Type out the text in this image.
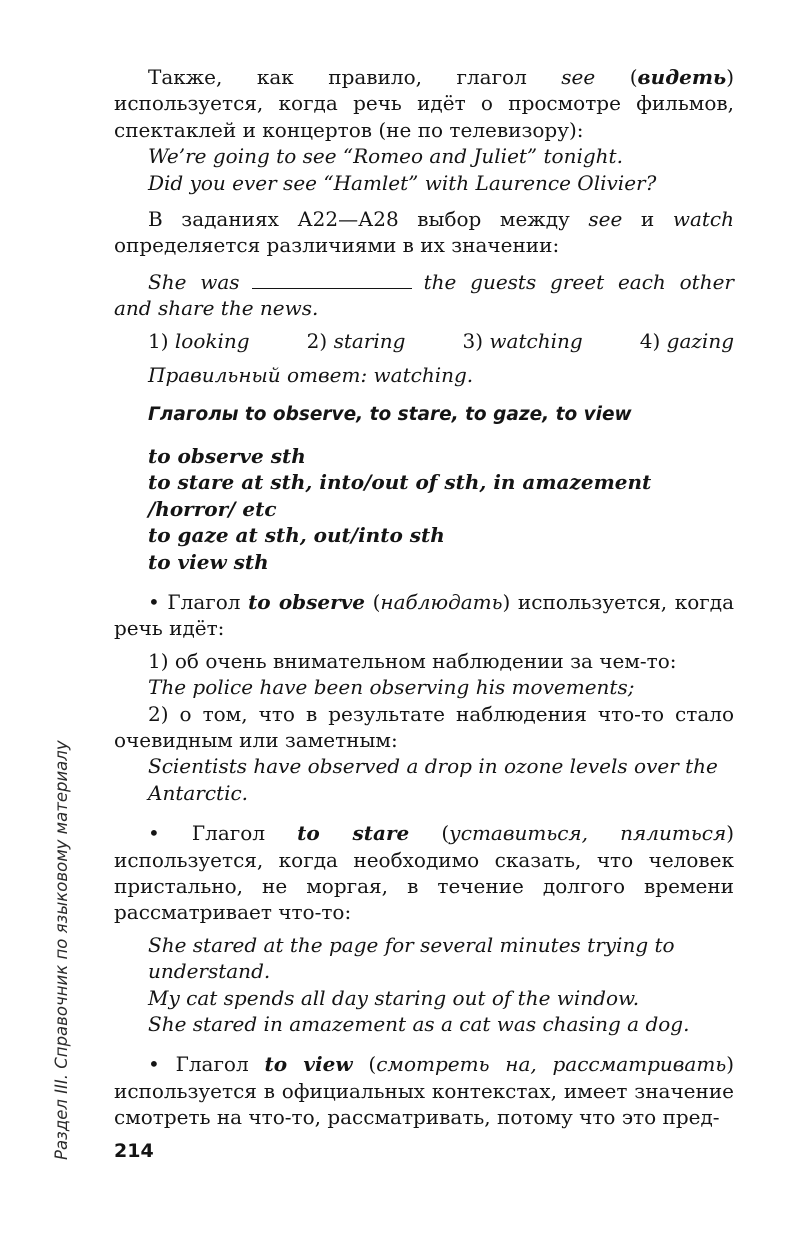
Раздел III. Справочник по языковому материалу

Также, как правило, глагол see (видеть) используется, когда речь идёт о просмотре фильмов, спектаклей и концертов (не по телевизору):

We’re going to see “Romeo and Juliet” tonight.

Did you ever see “Hamlet” with Laurence Olivier?

В заданиях А22—А28 выбор между see и watch определяется различиями в их значении:

She was	the guests greet each other and share the news.

1) looking	2) staring	3) watching	4) gazing

Правильный ответ: watching.

Глаголы to observe, to stare, to gaze, to view

to observe sth

to stare at sth, into/out of sth, in amazement /horror/ etc

to gaze at sth, out/into sth

to view sth

• Глагол to observe (наблюдать) используется, когда речь идёт:

1) об очень внимательном наблюдении за чем-то:

The police have been observing his movements;

2) о том, что в результате наблюдения что-то стало очевидным или заметным:

Scientists have observed a drop in ozone levels over the Antarctic.

• Глагол to stare (уставиться, пялиться) используется, когда необходимо сказать, что человек пристально, не моргая, в течение долгого времени рассматривает что-то:

She stared at the page for several minutes trying to understand.

My cat spends all day staring out of the window.

She stared in amazement as a cat was chasing a dog.

• Глагол to view (смотреть на, рассматривать) используется в официальных контекстах, имеет значение смотреть на что-то, рассматривать, потому что это пред-

214
